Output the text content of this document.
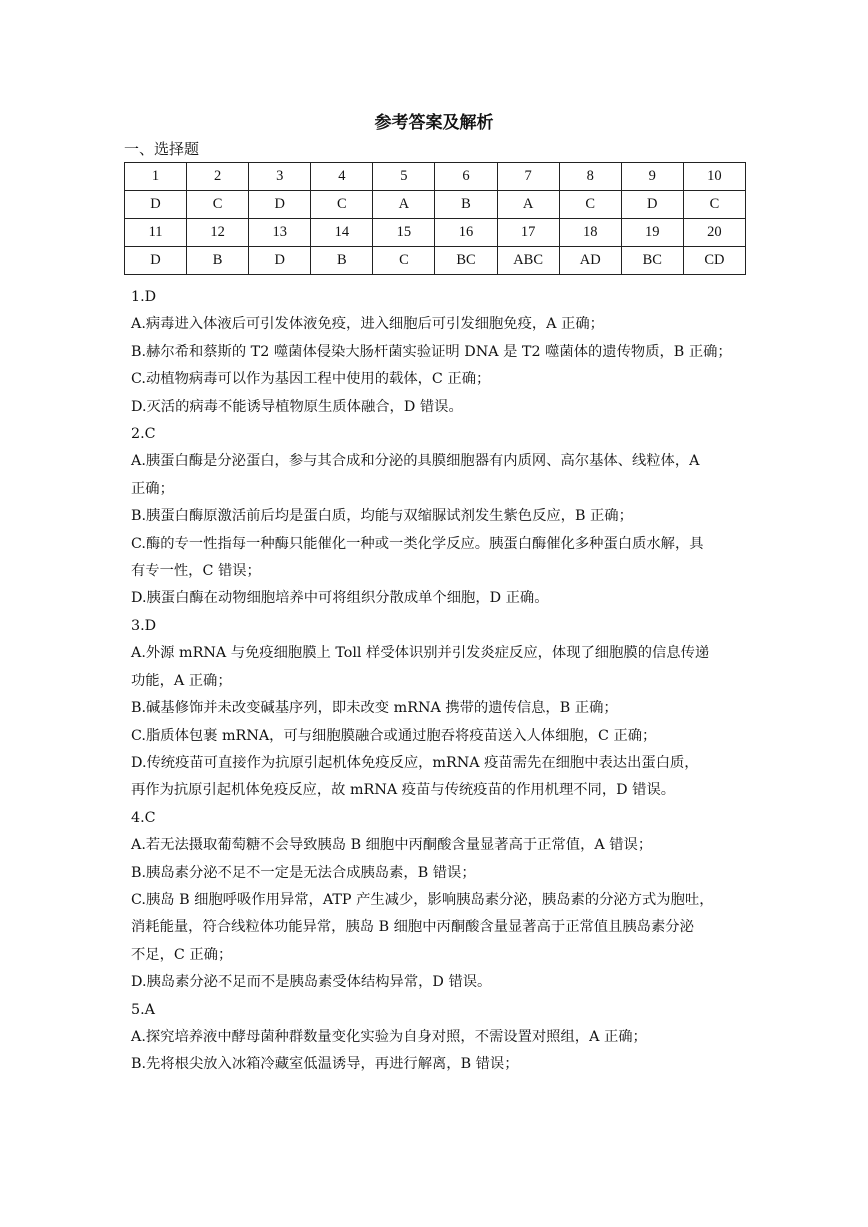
参考答案及解析
一、选择题
1	2	3	4	5	6	7	8	9	10
D	C	D	C	A	B	A	C	D	C
11	12	13	14	15	16	17	18	19	20
D	B	D	B	C	BC	ABC	AD	BC	CD

1.D

A.病毒进入体液后可引发体液免疫，进入细胞后可引发细胞免疫，A 正确；

B.赫尔希和蔡斯的 T2 噬菌体侵染大肠杆菌实验证明 DNA 是 T2 噬菌体的遗传物质，B 正确；

C.动植物病毒可以作为基因工程中使用的载体，C 正确；

D.灭活的病毒不能诱导植物原生质体融合，D 错误。

2.C

A.胰蛋白酶是分泌蛋白，参与其合成和分泌的具膜细胞器有内质网、高尔基体、线粒体，A

正确；

B.胰蛋白酶原激活前后均是蛋白质，均能与双缩脲试剂发生紫色反应，B 正确；

C.酶的专一性指每一种酶只能催化一种或一类化学反应。胰蛋白酶催化多种蛋白质水解，具

有专一性，C 错误；

D.胰蛋白酶在动物细胞培养中可将组织分散成单个细胞，D 正确。

3.D

A.外源 mRNA 与免疫细胞膜上 Toll 样受体识别并引发炎症反应，体现了细胞膜的信息传递

功能，A 正确；

B.碱基修饰并未改变碱基序列，即未改变 mRNA 携带的遗传信息，B 正确；

C.脂质体包裹 mRNA，可与细胞膜融合或通过胞吞将疫苗送入人体细胞，C 正确；

D.传统疫苗可直接作为抗原引起机体免疫反应，mRNA 疫苗需先在细胞中表达出蛋白质，

再作为抗原引起机体免疫反应，故 mRNA 疫苗与传统疫苗的作用机理不同，D 错误。

4.C

A.若无法摄取葡萄糖不会导致胰岛 B 细胞中丙酮酸含量显著高于正常值，A 错误；

B.胰岛素分泌不足不一定是无法合成胰岛素，B 错误；

C.胰岛 B 细胞呼吸作用异常，ATP 产生减少，影响胰岛素分泌，胰岛素的分泌方式为胞吐，

消耗能量，符合线粒体功能异常，胰岛 B 细胞中丙酮酸含量显著高于正常值且胰岛素分泌

不足，C 正确；

D.胰岛素分泌不足而不是胰岛素受体结构异常，D 错误。

5.A

A.探究培养液中酵母菌种群数量变化实验为自身对照，不需设置对照组，A 正确；

B.先将根尖放入冰箱冷藏室低温诱导，再进行解离，B 错误；
